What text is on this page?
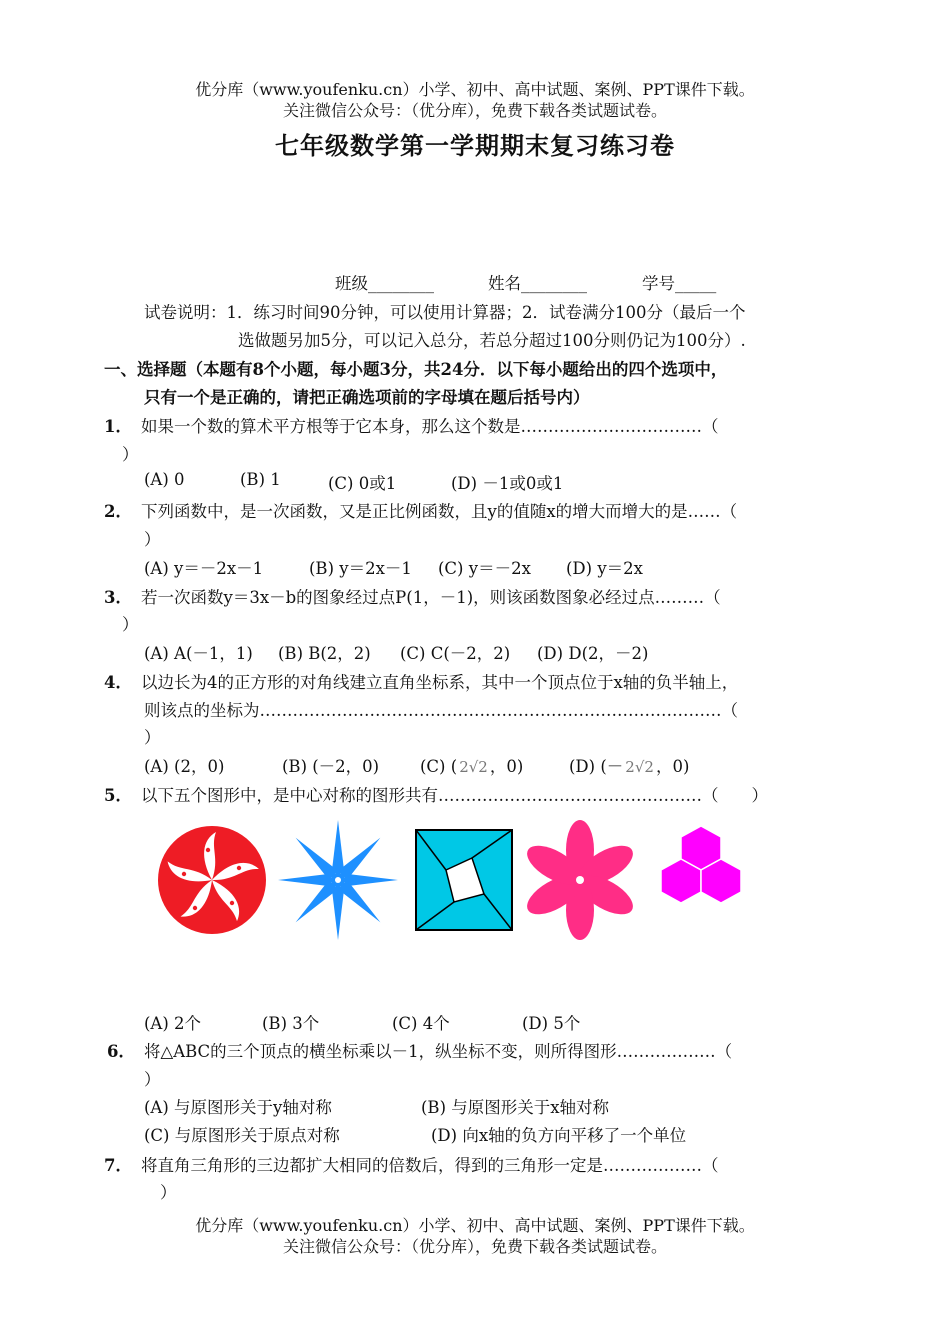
优分库（www.youfenku.cn）小学、初中、高中试题、案例、PPT课件下载。
关注微信公众号：（优分库），免费下载各类试题试卷。
七年级数学第一学期期末复习练习卷
班级________	姓名________	学号_____
试卷说明：1．练习时间90分钟，可以使用计算器；2．试卷满分100分（最后一个
选做题另加5分，可以记入总分，若总分超过100分则仍记为100分）.
一、选择题（本题有8个小题，每小题3分，共24分．以下每小题给出的四个选项中，
只有一个是正确的，请把正确选项前的字母填在题后括号内）
1． 如果一个数的算术平方根等于它本身，那么这个数是……………………………（
）
(A) 0	(B) 1	(C) 0或1	(D) －1或0或1
2． 下列函数中，是一次函数，又是正比例函数，且y的值随x的增大而增大的是……（
）
(A) y＝－2x－1	(B) y＝2x－1 (C) y＝－2x (D) y＝2x
3． 若一次函数y＝3x－b的图象经过点P(1，－1)，则该函数图象必经过点………（
）
(A) A(－1，1) (B) B(2，2) (C) C(－2，2) (D) D(2，－2)
4． 以边长为4的正方形的对角线建立直角坐标系，其中一个顶点位于x轴的负半轴上，
则该点的坐标为…………………………………………………………………………（
）
(A) (2，0)	(B) (－2，0) (C) ( 2√2 ，0)	(D) (－ 2√2 ，0)
5． 以下五个图形中，是中心对称的图形共有…………………………………………（　　）
(A) 2个	(B) 3个	(C) 4个	(D) 5个
6． 将△ABC的三个顶点的横坐标乘以－1，纵坐标不变，则所得图形………………（
）
(A) 与原图形关于y轴对称	(B) 与原图形关于x轴对称
(C) 与原图形关于原点对称	(D) 向x轴的负方向平移了一个单位
7． 将直角三角形的三边都扩大相同的倍数后，得到的三角形一定是………………（
）
优分库（www.youfenku.cn）小学、初中、高中试题、案例、PPT课件下载。
关注微信公众号：（优分库），免费下载各类试题试卷。
